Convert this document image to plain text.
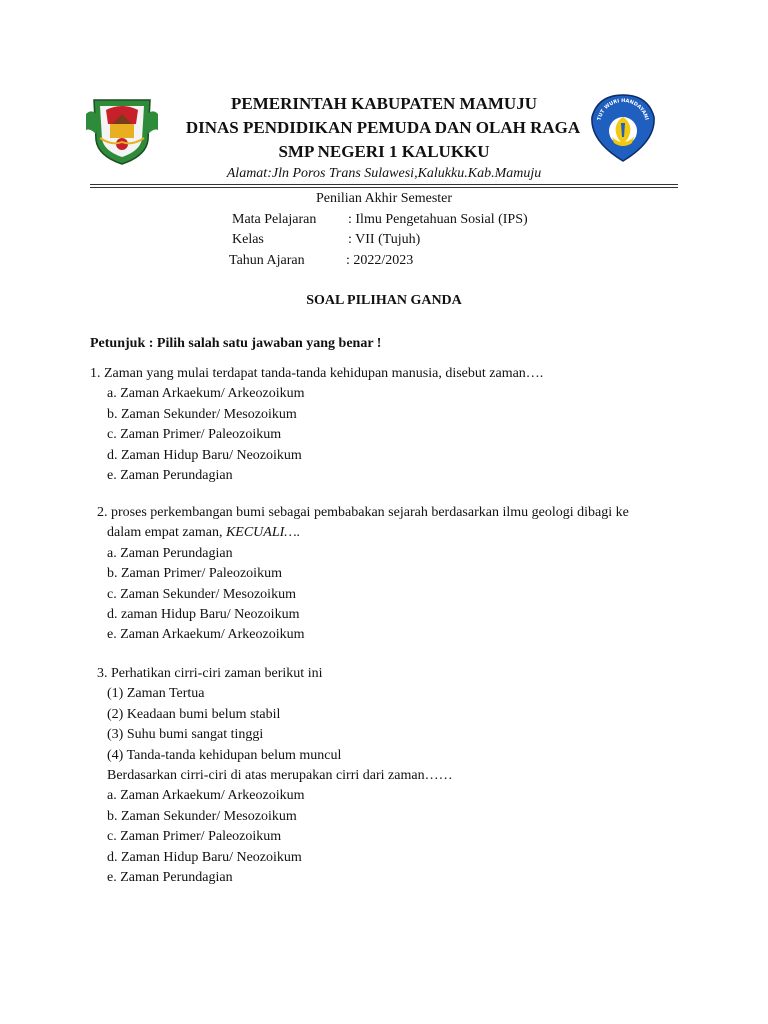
TUT WURI HANDAYANI
PEMERINTAH KABUPATEN MAMUJU
DINAS PENDIDIKAN PEMUDA DAN OLAH RAGA
SMP NEGERI 1 KALUKKU
Alamat:Jln Poros Trans Sulawesi,Kalukku.Kab.Mamuju
Penilian Akhir Semester
Mata Pelajaran : Ilmu Pengetahuan Sosial (IPS)
Kelas	: VII (Tujuh)
Tahun Ajaran	: 2022/2023
SOAL PILIHAN GANDA
Petunjuk : Pilih salah satu jawaban yang benar !

1. Zaman yang mulai terdapat tanda-tanda kehidupan manusia, disebut zaman….

a. Zaman Arkaekum/ Arkeozoikum

b. Zaman Sekunder/ Mesozoikum

c. Zaman Primer/ Paleozoikum

d. Zaman Hidup Baru/ Neozoikum

e. Zaman Perundagian

2. proses perkembangan bumi sebagai pembabakan sejarah berdasarkan ilmu geologi dibagi ke

dalam empat zaman, KECUALI….

a. Zaman Perundagian

b. Zaman Primer/ Paleozoikum

c. Zaman Sekunder/ Mesozoikum

d. zaman Hidup Baru/ Neozoikum

e. Zaman Arkaekum/ Arkeozoikum

3. Perhatikan cirri-ciri zaman berikut ini

(1) Zaman Tertua

(2) Keadaan bumi belum stabil

(3) Suhu bumi sangat tinggi

(4) Tanda-tanda kehidupan belum muncul

Berdasarkan cirri-ciri di atas merupakan cirri dari zaman……

a. Zaman Arkaekum/ Arkeozoikum

b. Zaman Sekunder/ Mesozoikum

c. Zaman Primer/ Paleozoikum

d. Zaman Hidup Baru/ Neozoikum

e. Zaman Perundagian
